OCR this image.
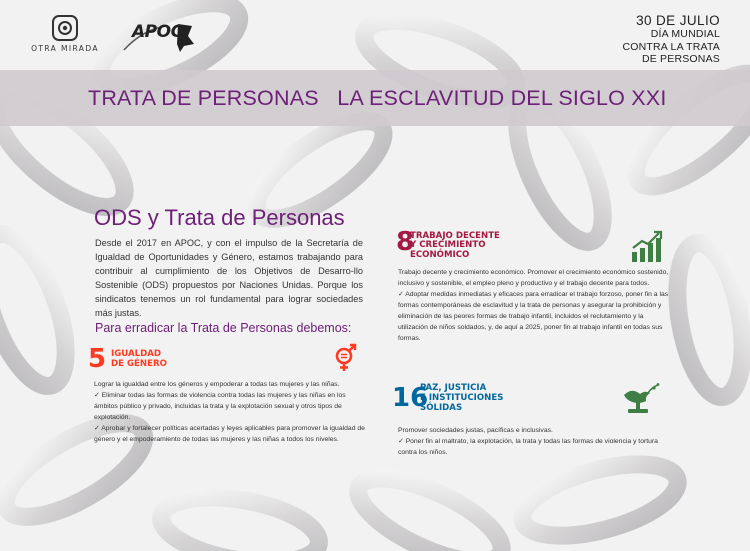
OTRA MIRADA
APOC
30 DE JULIO
DÍA MUNDIAL
CONTRA LA TRATA
DE PERSONAS
TRATA DE PERSONAS   LA ESCLAVITUD DEL SIGLO XXI
ODS y Trata de Personas

Desde el 2017 en APOC, y con el impulso de la Secretaría de Igualdad de Oportunidades y Género, estamos trabajando para contribuir al cumplimiento de los Objetivos de Desarro-llo Sostenible (ODS) propuestos por Naciones Unidas. Porque los sindicatos tenemos un rol fundamental para lograr sociedades más justas.

Para erradicar la Trata de Personas debemos:
5 IGUALDAD
DE GÉNERO

Lograr la igualdad entre los géneros y empoderar a todas las mujeres y las niñas.

✓ Eliminar todas las formas de violencia contra todas las mujeres y las niñas en los ámbitos público y privado, incluidas la trata y la explotación sexual y otros tipos de explotación.

✓ Aprobar y fortalecer políticas acertadas y leyes aplicables para promover la igualdad de género y el empoderamiento de todas las mujeres y las niñas a todos los niveles.

8
TRABAJO DECENTE
Y CRECIMIENTO
ECONÓMICO

Trabajo decente y crecimiento económico. Promover el crecimiento económico sostenido, inclusivo y sostenible, el empleo pleno y productivo y el trabajo decente para todos.

✓ Adoptar medidas inmediatas y eficaces para erradicar el trabajo forzoso, poner fin a las formas contemporáneas de esclavitud y la trata de personas y asegurar la prohibición y eliminación de las peores formas de trabajo infantil, incluidos el reclutamiento y la utilización de niños soldados, y, de aquí a 2025, poner fin al trabajo infantil en todas sus formas.

16
PAZ, JUSTICIA
E INSTITUCIONES
SÓLIDAS

Promover sociedades justas, pacíficas e inclusivas.

✓ Poner fin al maltrato, la explotación, la trata y todas las formas de violencia y tortura contra los niños.
